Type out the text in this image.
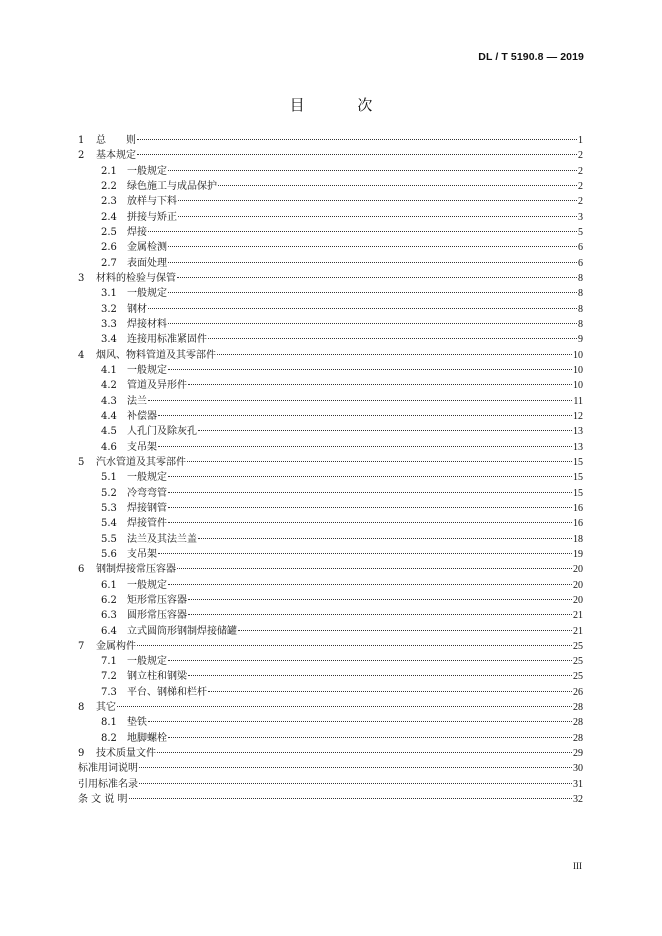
DL / T 5190.8 — 2019
目 次
1	总　　则	1
2	基本规定	2
2.1	一般规定	2
2.2	绿色施工与成品保护	2
2.3	放样与下料	2
2.4	拼接与矫正	3
2.5	焊接	5
2.6	金属检测	6
2.7	表面处理	6
3	材料的检验与保管	8
3.1	一般规定	8
3.2	钢材	8
3.3	焊接材料	8
3.4	连接用标准紧固件	9
4	烟风、物料管道及其零部件	10
4.1	一般规定	10
4.2	管道及异形件	10
4.3	法兰	11
4.4	补偿器	12
4.5	人孔门及除灰孔	13
4.6	支吊架	13
5	汽水管道及其零部件	15
5.1	一般规定	15
5.2	冷弯弯管	15
5.3	焊接钢管	16
5.4	焊接管件	16
5.5	法兰及其法兰盖	18
5.6	支吊架	19
6	钢制焊接常压容器	20
6.1	一般规定	20
6.2	矩形常压容器	20
6.3	圆形常压容器	21
6.4	立式圆筒形钢制焊接储罐	21
7	金属构件	25
7.1	一般规定	25
7.2	钢立柱和钢梁	25
7.3	平台、钢梯和栏杆	26
8	其它	28
8.1	垫铁	28
8.2	地脚螺栓	28
9	技术质量文件	29
标准用词说明	30
引用标准名录	31
条 文 说 明	32
III
